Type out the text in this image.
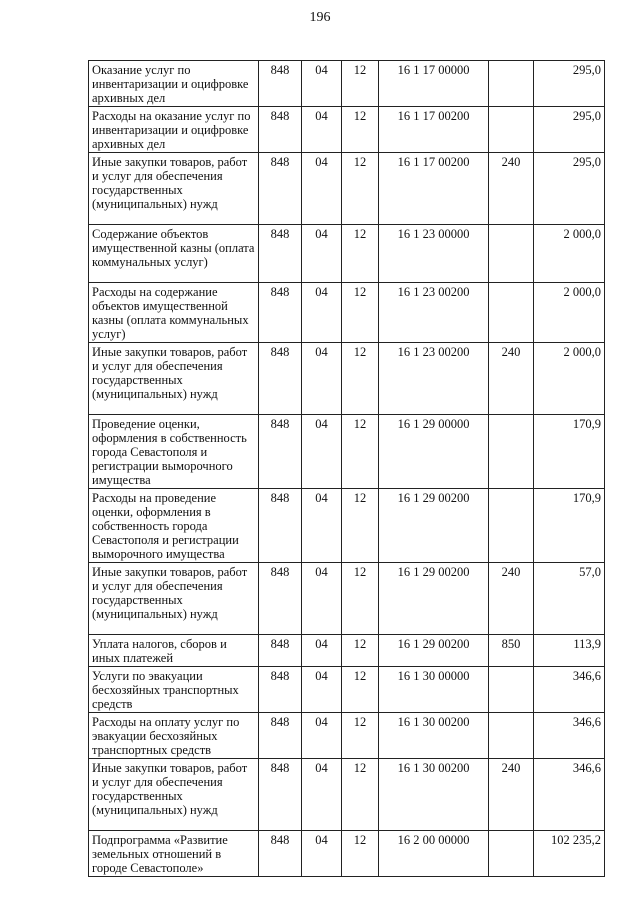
196
Оказание услуг по инвентаризации и оцифровке архивных дел	848	04	12	16 1 17 00000		295,0
Расходы на оказание услуг по инвентаризации и оцифровке архивных дел	848	04	12	16 1 17 00200		295,0
Иные закупки товаров, работ и услуг для обеспечения государственных (муниципальных) нужд	848	04	12	16 1 17 00200	240	295,0
Содержание объектов имущественной казны (оплата коммунальных услуг)	848	04	12	16 1 23 00000		2 000,0
Расходы на содержание объектов имущественной казны (оплата коммунальных услуг)	848	04	12	16 1 23 00200		2 000,0
Иные закупки товаров, работ и услуг для обеспечения государственных (муниципальных) нужд	848	04	12	16 1 23 00200	240	2 000,0
Проведение оценки, оформления в собственность города Севастополя и регистрации выморочного имущества	848	04	12	16 1 29 00000		170,9
Расходы на проведение оценки, оформления в собственность города Севастополя и регистрации выморочного имущества	848	04	12	16 1 29 00200		170,9
Иные закупки товаров, работ и услуг для обеспечения государственных (муниципальных) нужд	848	04	12	16 1 29 00200	240	57,0
Уплата налогов, сборов и иных платежей	848	04	12	16 1 29 00200	850	113,9
Услуги по эвакуации бесхозяйных транспортных средств	848	04	12	16 1 30 00000		346,6
Расходы на оплату услуг по эвакуации бесхозяйных транспортных средств	848	04	12	16 1 30 00200		346,6
Иные закупки товаров, работ и услуг для обеспечения государственных (муниципальных) нужд	848	04	12	16 1 30 00200	240	346,6
Подпрограмма «Развитие земельных отношений в городе Севастополе»	848	04	12	16 2 00 00000		102 235,2
